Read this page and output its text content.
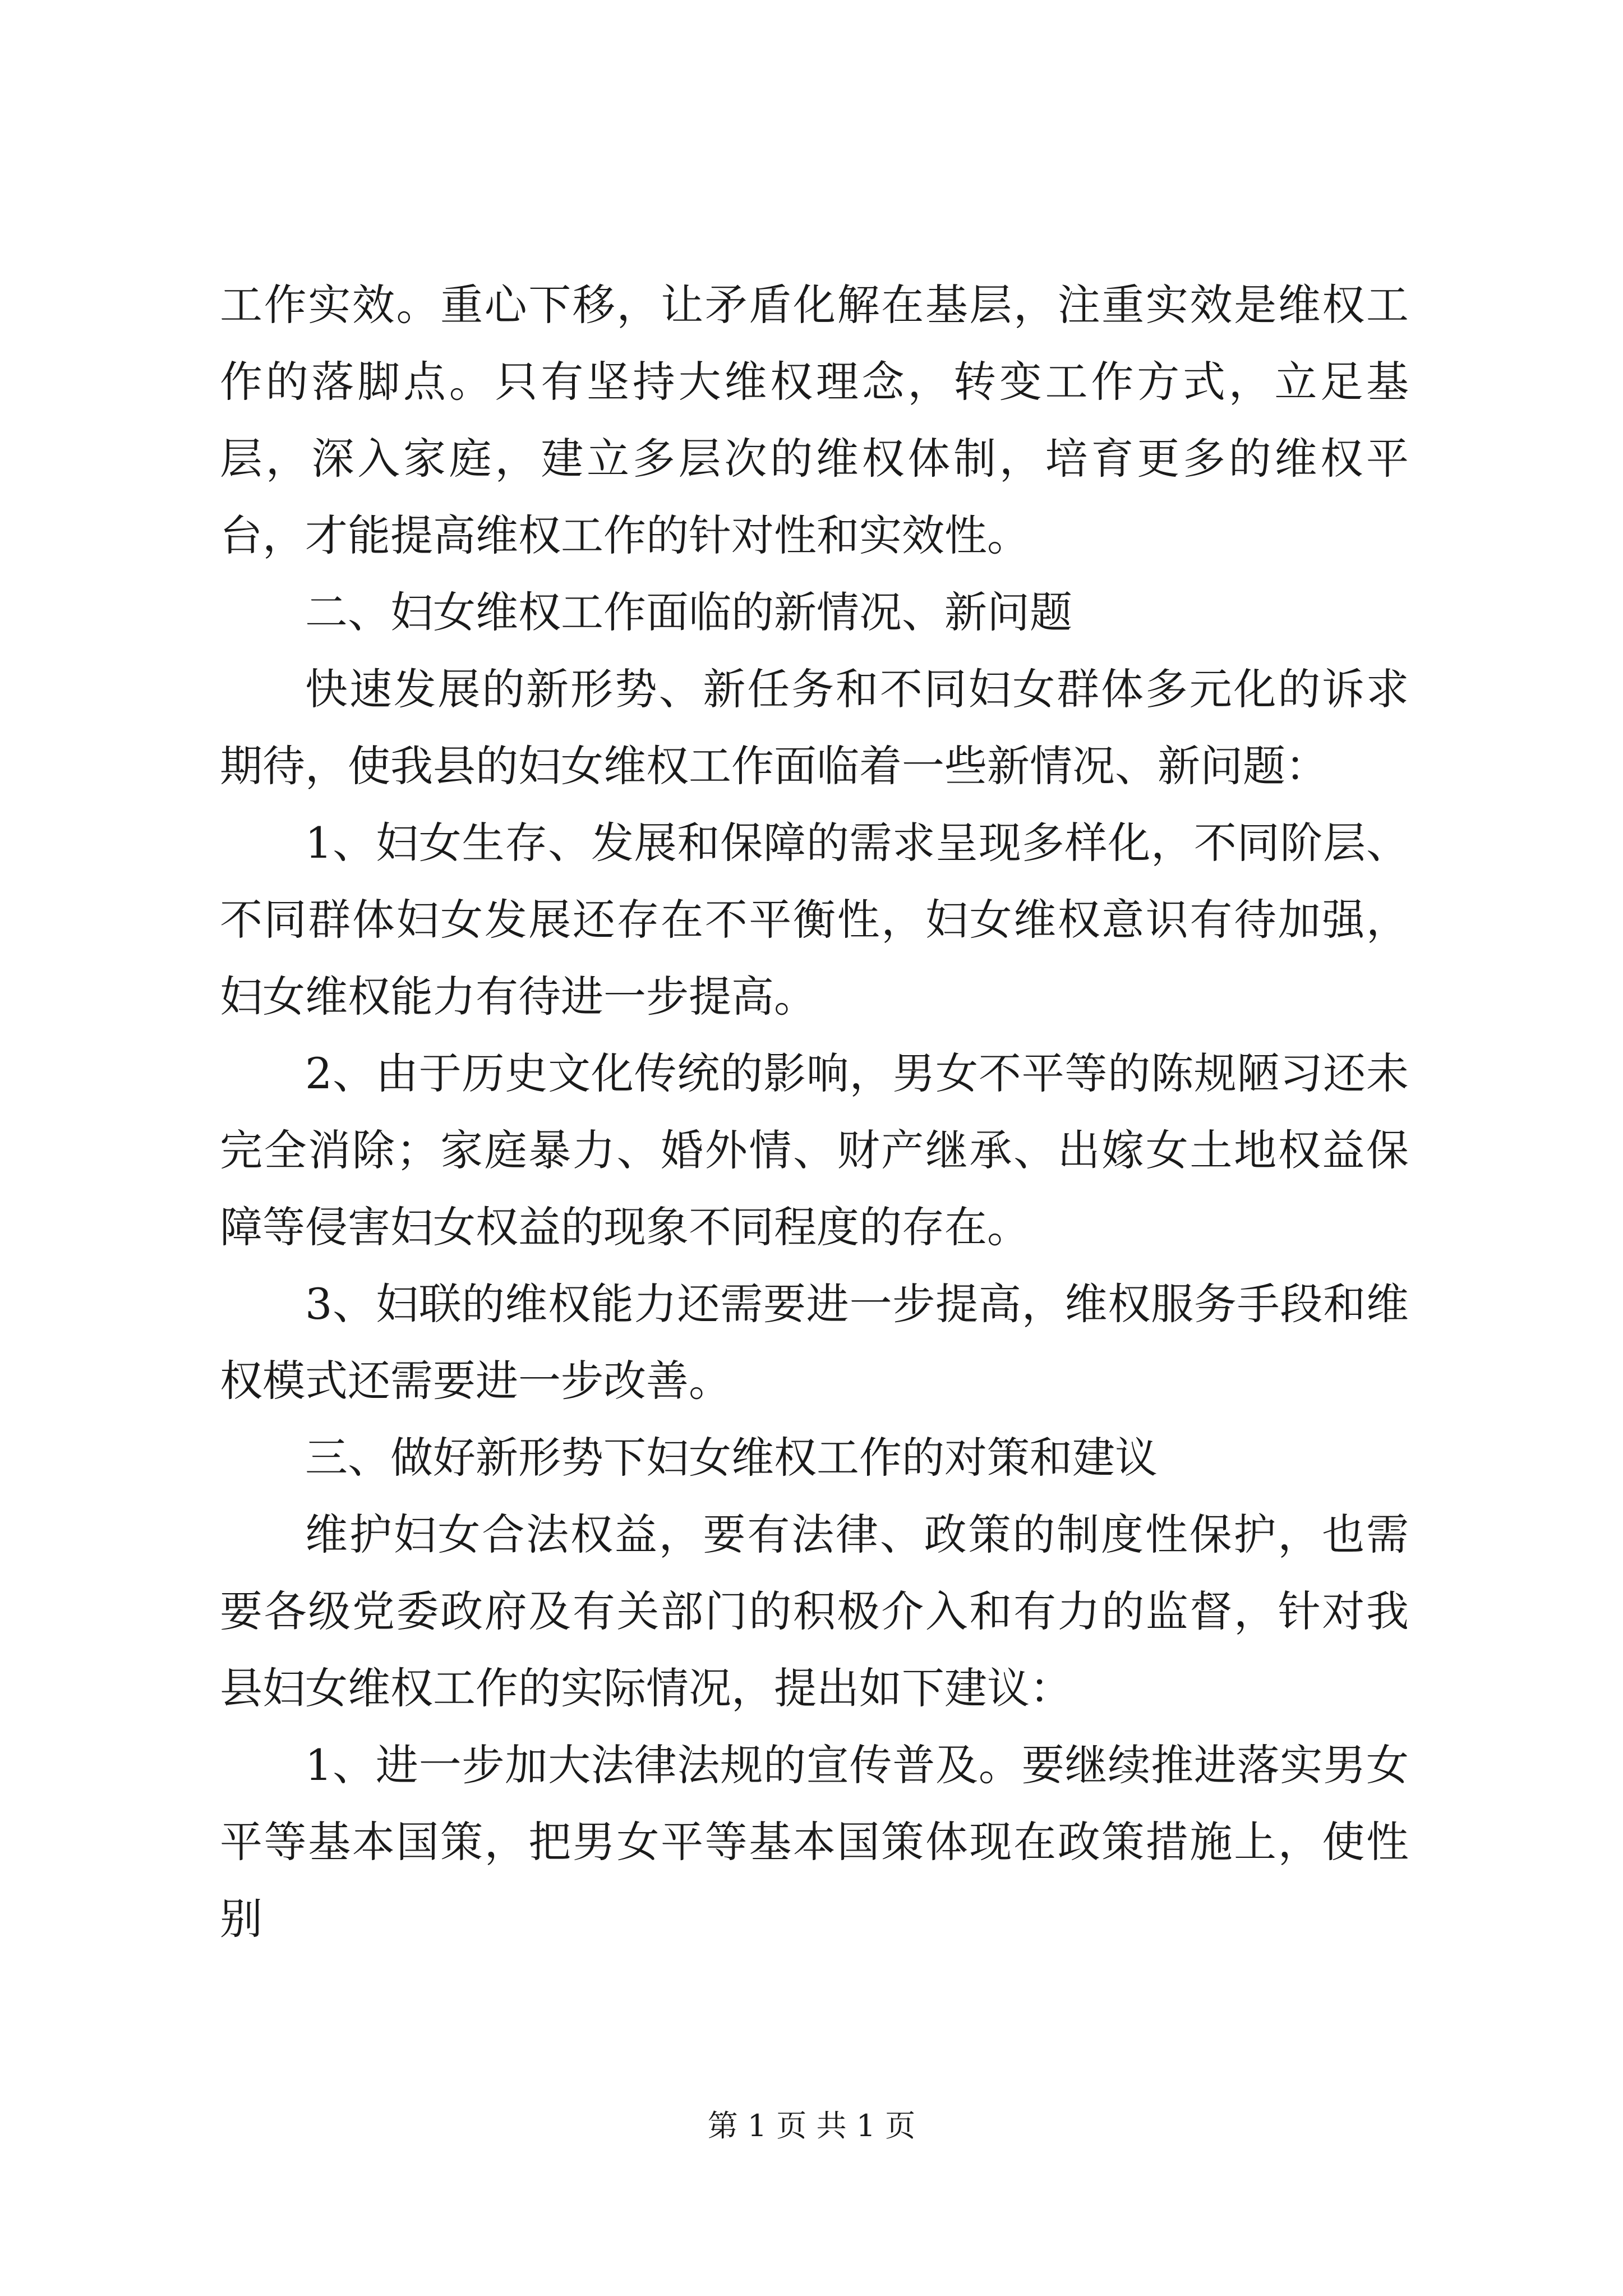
工作实效。重心下移，让矛盾化解在基层，注重实效是维权工作的落脚点。只有坚持大维权理念，转变工作方式，立足基层，深入家庭，建立多层次的维权体制，培育更多的维权平台，才能提高维权工作的针对性和实效性。

二、妇女维权工作面临的新情况、新问题

快速发展的新形势、新任务和不同妇女群体多元化的诉求期待，使我县的妇女维权工作面临着一些新情况、新问题：

1、妇女生存、发展和保障的需求呈现多样化，不同阶层、不同群体妇女发展还存在不平衡性，妇女维权意识有待加强，妇女维权能力有待进一步提高。

2、由于历史文化传统的影响，男女不平等的陈规陋习还未完全消除；家庭暴力、婚外情、财产继承、出嫁女土地权益保障等侵害妇女权益的现象不同程度的存在。

3、妇联的维权能力还需要进一步提高，维权服务手段和维权模式还需要进一步改善。

三、做好新形势下妇女维权工作的对策和建议

维护妇女合法权益，要有法律、政策的制度性保护，也需要各级党委政府及有关部门的积极介入和有力的监督，针对我县妇女维权工作的实际情况，提出如下建议：

1、进一步加大法律法规的宣传普及。要继续推进落实男女平等基本国策，把男女平等基本国策体现在政策措施上，使性别

第 1 页 共 1 页
